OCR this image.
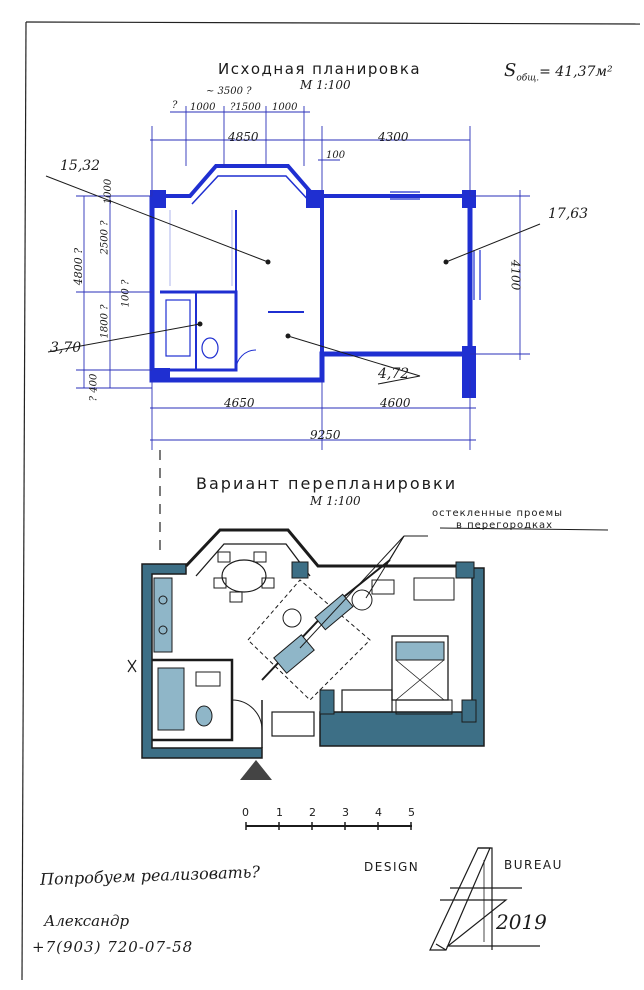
Исходная планировка
М 1:100
$S_{общ.}= 41,37м^2$
15,32
17,63
3,70
4,72
~ 3500 ?
1000 ?1500 1000
?
4850	4300
100
4800 ?
2500 ?
1000
100 ?
1800 ?
? 400
4100
4650	4600
9250
Вариант перепланировки
М 1:100
остекленные проемы
в перегородках
0 1 2 3 4 5
Попробуем реализовать?
Александр
+7(903) 720-07-58
DESIGN	BUREAU
2019
